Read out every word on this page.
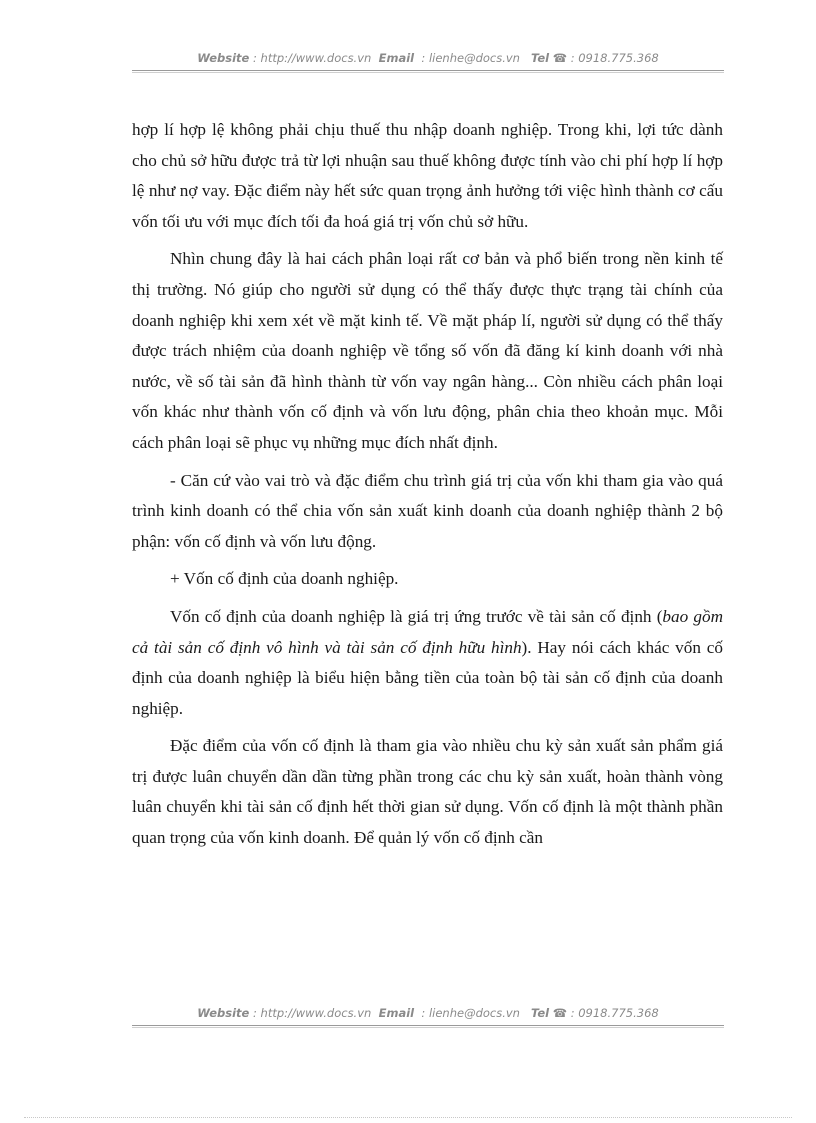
Website : http://www.docs.vn Email : lienhe@docs.vn Tel ☎ : 0918.775.368

hợp lí hợp lệ không phải chịu thuế thu nhập doanh nghiệp. Trong khi, lợi tức dành cho chủ sở hữu được trả từ lợi nhuận sau thuế không được tính vào chi phí hợp lí hợp lệ như nợ vay. Đặc điểm này hết sức quan trọng ảnh hưởng tới việc hình thành cơ cấu vốn tối ưu với mục đích tối đa hoá giá trị vốn chủ sở hữu.

Nhìn chung đây là hai cách phân loại rất cơ bản và phổ biến trong nền kinh tế thị trường. Nó giúp cho người sử dụng có thể thấy được thực trạng tài chính của doanh nghiệp khi xem xét về mặt kinh tế. Về mặt pháp lí, người sử dụng có thể thấy được trách nhiệm của doanh nghiệp về tổng số vốn đã đăng kí kinh doanh với nhà nước, về số tài sản đã hình thành từ vốn vay ngân hàng... Còn nhiều cách phân loại vốn khác như thành vốn cố định và vốn lưu động, phân chia theo khoản mục. Mỗi cách phân loại sẽ phục vụ những mục đích nhất định.

- Căn cứ vào vai trò và đặc điểm chu trình giá trị của vốn khi tham gia vào quá trình kinh doanh có thể chia vốn sản xuất kinh doanh của doanh nghiệp thành 2 bộ phận: vốn cố định và vốn lưu động.

+ Vốn cố định của doanh nghiệp.

Vốn cố định của doanh nghiệp là giá trị ứng trước về tài sản cố định (bao gồm cả tài sản cố định vô hình và tài sản cố định hữu hình). Hay nói cách khác vốn cố định của doanh nghiệp là biểu hiện bằng tiền của toàn bộ tài sản cố định của doanh nghiệp.

Đặc điểm của vốn cố định là tham gia vào nhiều chu kỳ sản xuất sản phẩm giá trị được luân chuyển dần dần từng phần trong các chu kỳ sản xuất, hoàn thành vòng luân chuyển khi tài sản cố định hết thời gian sử dụng. Vốn cố định là một thành phần quan trọng của vốn kinh doanh. Để quản lý vốn cố định cần

Website : http://www.docs.vn Email : lienhe@docs.vn Tel ☎ : 0918.775.368
